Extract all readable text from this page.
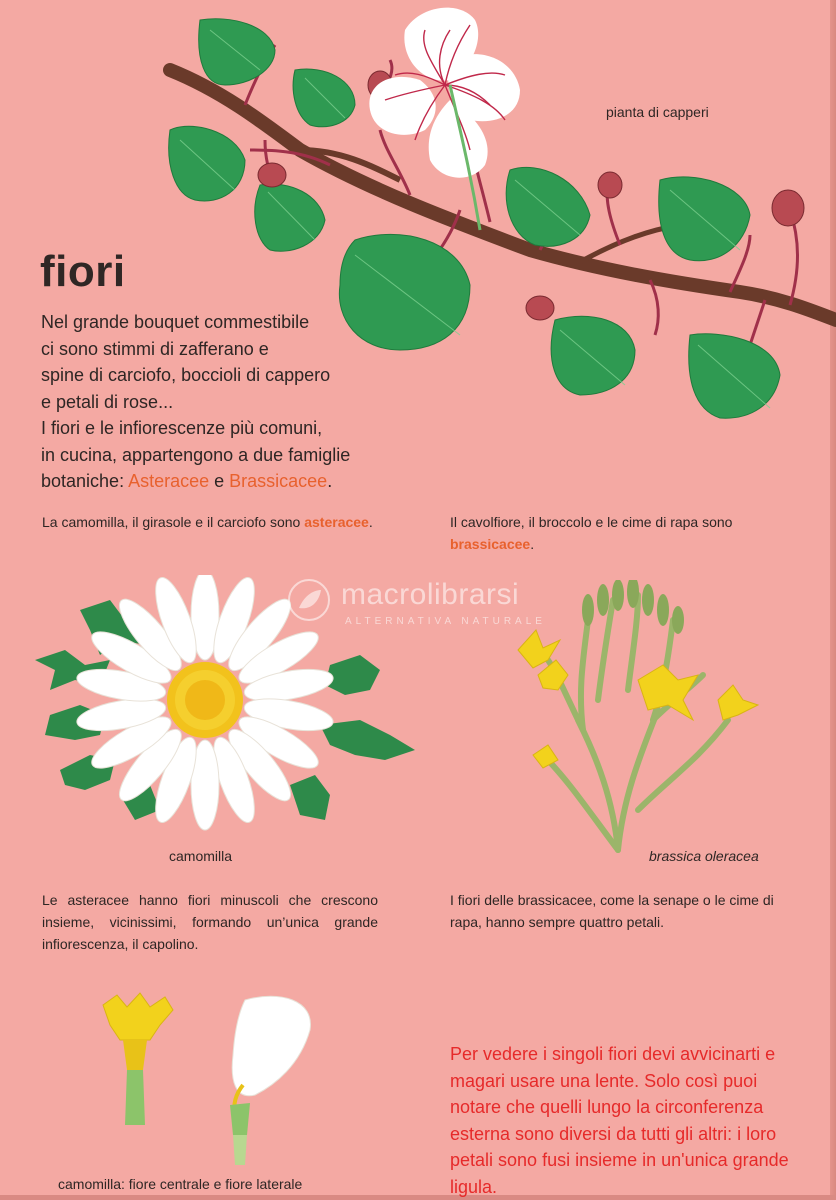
pianta di capperi
fiori
Nel grande bouquet commestibile
ci sono stimmi di zafferano e
spine di carciofo, boccioli di cappero
e petali di rose...
I fiori e le infiorescenze più comuni,
in cucina, appartengono a due famiglie
botaniche: Asteracee e Brassicacee.
La camomilla, il girasole e il carciofo sono asteracee.	Il cavolfiore, il broccolo e le cime di rapa sono brassicacee.
camomilla	brassica oleracea
Le asteracee hanno fiori minuscoli che crescono insieme, vicinissimi, formando un’unica grande infiorescenza, il capolino.
I fiori delle brassicacee, come la senape o le cime di rapa, hanno sempre quattro petali.
camomilla: fiore centrale e fiore laterale
Per vedere i singoli fiori devi avvicinarti e magari usare una lente. Solo così puoi notare che quelli lungo la circonferenza esterna sono diversi da tutti gli altri: i loro petali sono fusi insieme in un'unica grande ligula.
macrolibrarsi
ALTERNATIVA NATURALE
